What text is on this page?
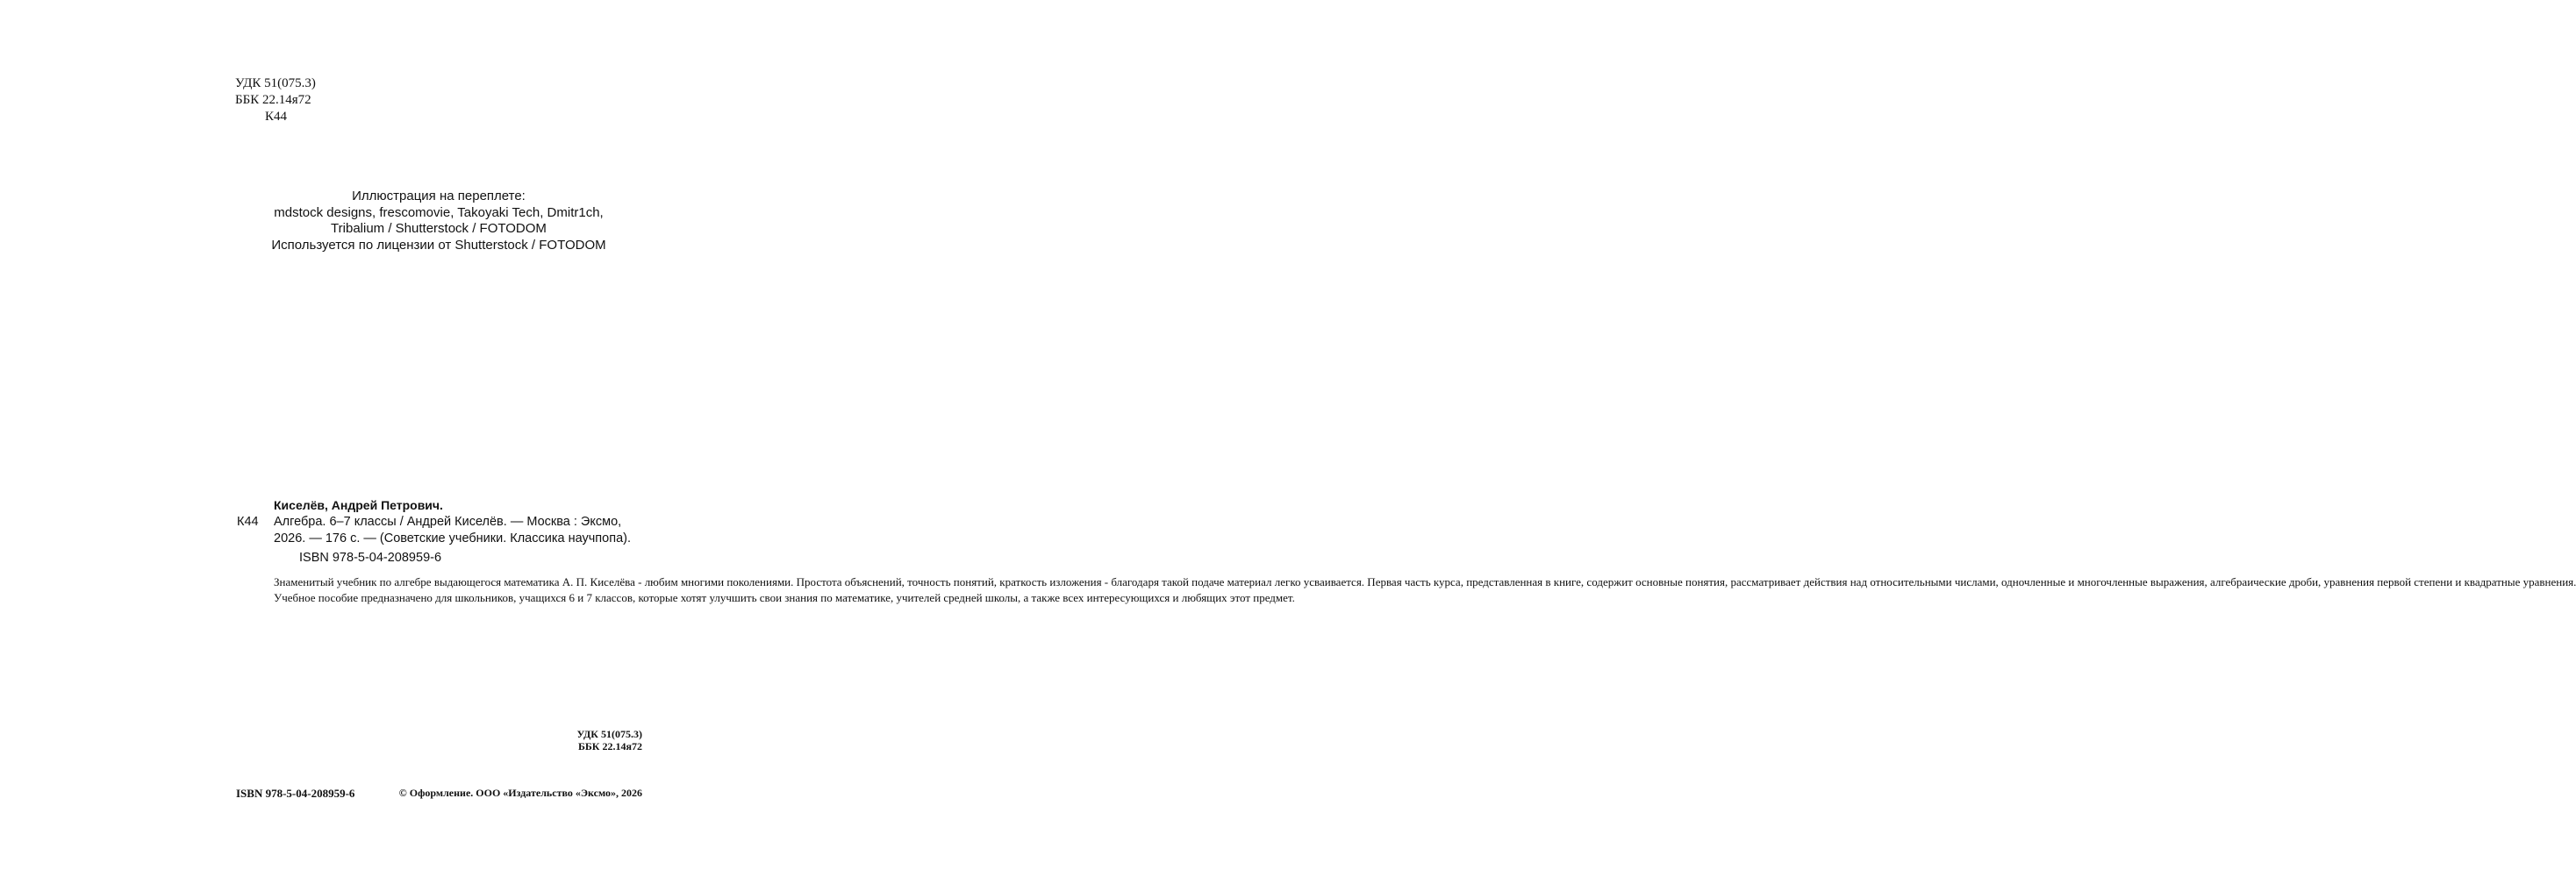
УДК 51(075.3)
ББК 22.14я72
К44
Иллюстрация на переплете:
mdstock designs, frescomovie, Takoyaki Tech, Dmitr1ch,
Tribalium / Shutterstock / FOTODOM
Используется по лицензии от Shutterstock / FOTODOM
Киселёв, Андрей Петрович.
К44 Алгебра. 6–7 классы / Андрей Киселёв. — Москва : Эксмо,
2026. — 176 с. — (Советские учебники. Классика научпопа).
ISBN 978-5-04-208959-6
Знаменитый учебник по алгебре выдающегося математика А. П. Киселёва - любим многими поколениями. Простота объяснений, точность понятий, краткость изложения - благодаря такой подаче материал легко усваивается. Первая часть курса, представленная в книге, содержит основные понятия, рассматривает действия над относительными числами, одночленные и многочленные выражения, алгебраические дроби, уравнения первой степени и квадратные уравнения.
Учебное пособие предназначено для школьников, учащихся 6 и 7 классов, которые хотят улучшить свои знания по математике, учителей средней школы, а также всех интересующихся и любящих этот предмет.
УДК 51(075.3)
ББК 22.14я72
ISBN 978-5-04-208959-6	© Оформление. ООО «Издательство «Эксмо», 2026
